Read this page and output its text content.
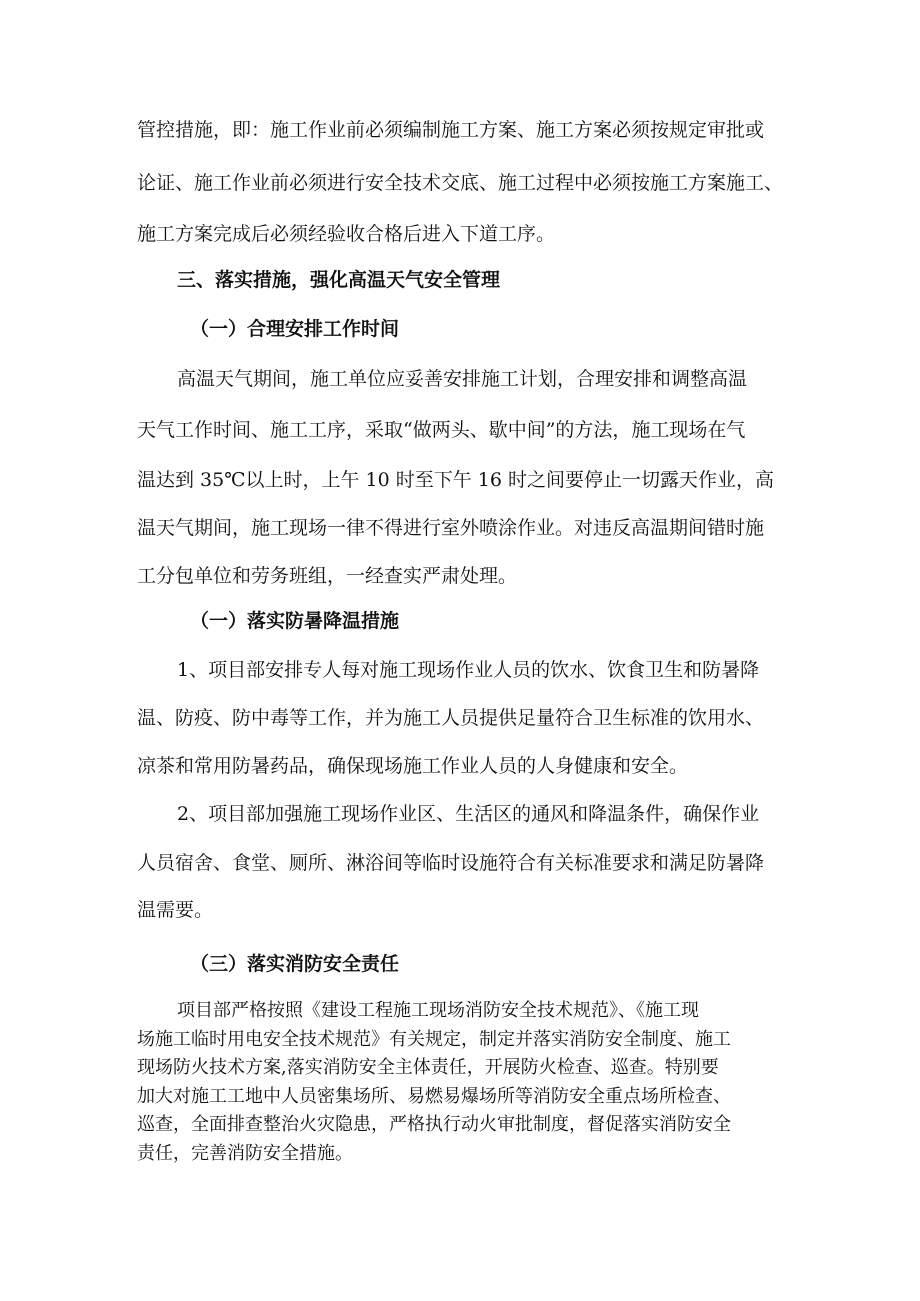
管控措施，即：施工作业前必须编制施工方案、施工方案必须按规定审批或
论证、施工作业前必须进行安全技术交底、施工过程中必须按施工方案施工、
施工方案完成后必须经验收合格后进入下道工序。
三、落实措施，强化高温天气安全管理
（一）合理安排工作时间
高温天气期间，施工单位应妥善安排施工计划，合理安排和调整高温
天气工作时间、施工工序，采取“做两头、歇中间”的方法，施工现场在气
温达到 35℃以上时，上午 10 时至下午 16 时之间要停止一切露天作业，高
温天气期间，施工现场一律不得进行室外喷涂作业。对违反高温期间错时施
工分包单位和劳务班组，一经查实严肃处理。
（一）落实防暑降温措施
1、项目部安排专人每对施工现场作业人员的饮水、饮食卫生和防暑降
温、防疫、防中毒等工作，并为施工人员提供足量符合卫生标准的饮用水、
凉茶和常用防暑药品，确保现场施工作业人员的人身健康和安全。
2、项目部加强施工现场作业区、生活区的通风和降温条件，确保作业
人员宿舍、食堂、厕所、淋浴间等临时设施符合有关标准要求和满足防暑降
温需要。
（三）落实消防安全责任
项目部严格按照《建设工程施工现场消防安全技术规范》、《施工现
场施工临时用电安全技术规范》有关规定，制定并落实消防安全制度、施工
现场防火技术方案,落实消防安全主体责任，开展防火检查、巡查。特别要
加大对施工工地中人员密集场所、易燃易爆场所等消防安全重点场所检查、
巡查，全面排查整治火灾隐患，严格执行动火审批制度，督促落实消防安全
责任，完善消防安全措施。
